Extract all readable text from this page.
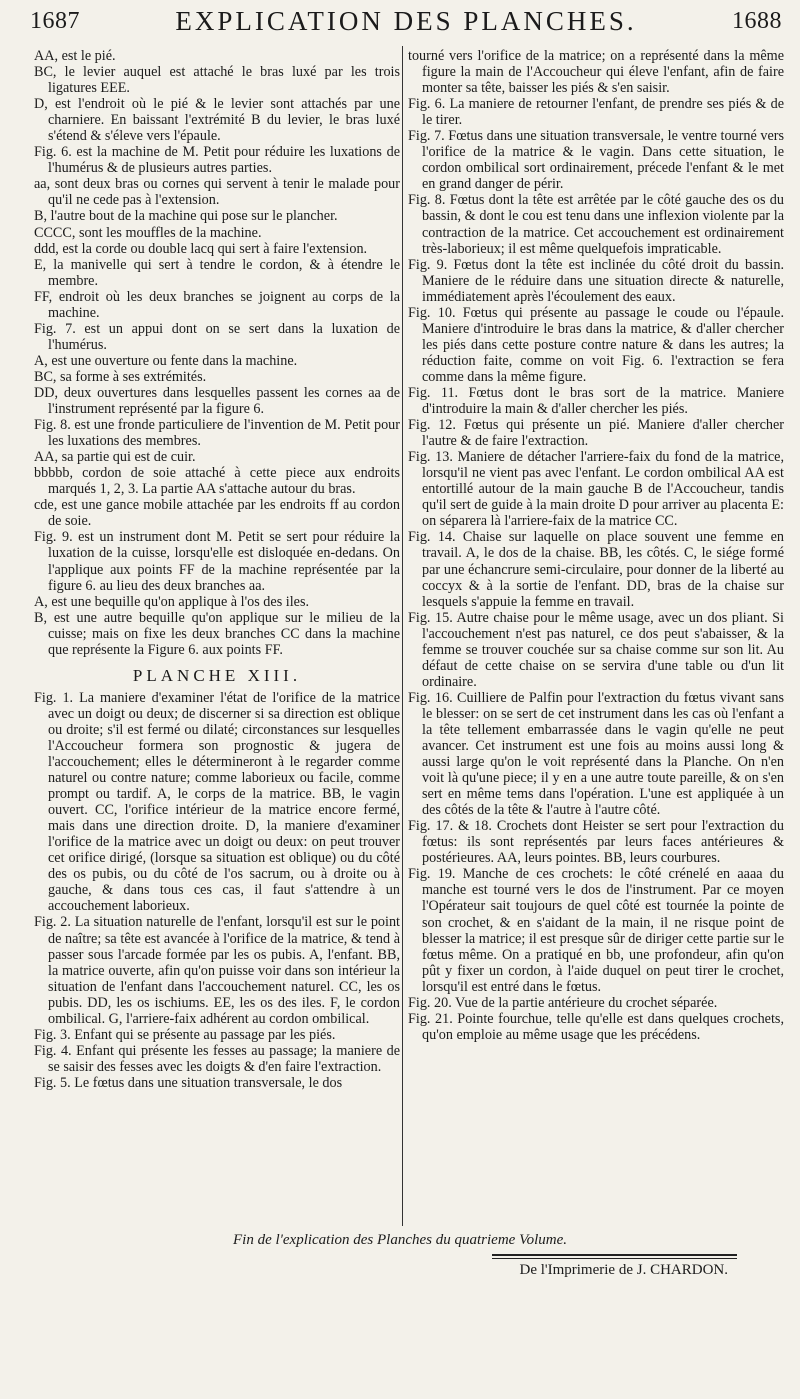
1687	EXPLICATION DES PLANCHES.	1688

AA, est le pié.

BC, le levier auquel est attaché le bras luxé par les trois ligatures EEE.

D, est l'endroit où le pié & le levier sont attachés par une charniere. En baissant l'extrémité B du levier, le bras luxé s'étend & s'éleve vers l'épaule.

Fig. 6. est la machine de M. Petit pour réduire les luxations de l'humérus & de plusieurs autres parties.

aa, sont deux bras ou cornes qui servent à tenir le malade pour qu'il ne cede pas à l'extension.

B, l'autre bout de la machine qui pose sur le plancher.

CCCC, sont les mouffles de la machine.

ddd, est la corde ou double lacq qui sert à faire l'extension.

E, la manivelle qui sert à tendre le cordon, & à étendre le membre.

FF, endroit où les deux branches se joignent au corps de la machine.

Fig. 7. est un appui dont on se sert dans la luxation de l'humérus.

A, est une ouverture ou fente dans la machine.

BC, sa forme à ses extrémités.

DD, deux ouvertures dans lesquelles passent les cornes aa de l'instrument représenté par la figure 6.

Fig. 8. est une fronde particuliere de l'invention de M. Petit pour les luxations des membres.

AA, sa partie qui est de cuir.

bbbbb, cordon de soie attaché à cette piece aux endroits marqués 1, 2, 3. La partie AA s'attache autour du bras.

cde, est une gance mobile attachée par les endroits ff au cordon de soie.

Fig. 9. est un instrument dont M. Petit se sert pour réduire la luxation de la cuisse, lorsqu'elle est disloquée en-dedans. On l'applique aux points FF de la machine représentée par la figure 6. au lieu des deux branches aa.

A, est une bequille qu'on applique à l'os des iles.

B, est une autre bequille qu'on applique sur le milieu de la cuisse; mais on fixe les deux branches CC dans la machine que représente la Figure 6. aux points FF.

PLANCHE XIII.

Fig. 1. La maniere d'examiner l'état de l'orifice de la matrice avec un doigt ou deux; de discerner si sa direction est oblique ou droite; s'il est fermé ou dilaté; circonstances sur lesquelles l'Accoucheur formera son prognostic & jugera de l'accouchement; elles le détermineront à le regarder comme naturel ou contre nature; comme laborieux ou facile, comme prompt ou tardif. A, le corps de la matrice. BB, le vagin ouvert. CC, l'orifice intérieur de la matrice encore fermé, mais dans une direction droite. D, la maniere d'examiner l'orifice de la matrice avec un doigt ou deux: on peut trouver cet orifice dirigé, (lorsque sa situation est oblique) ou du côté des os pubis, ou du côté de l'os sacrum, ou à droite ou à gauche, & dans tous ces cas, il faut s'attendre à un accouchement laborieux.

Fig. 2. La situation naturelle de l'enfant, lorsqu'il est sur le point de naître; sa tête est avancée à l'orifice de la matrice, & tend à passer sous l'arcade formée par les os pubis. A, l'enfant. BB, la matrice ouverte, afin qu'on puisse voir dans son intérieur la situation de l'enfant dans l'accouchement naturel. CC, les os pubis. DD, les os ischiums. EE, les os des iles. F, le cordon ombilical. G, l'arriere-faix adhérent au cordon ombilical.

Fig. 3. Enfant qui se présente au passage par les piés.

Fig. 4. Enfant qui présente les fesses au passage; la maniere de se saisir des fesses avec les doigts & d'en faire l'extraction.

Fig. 5. Le fœtus dans une situation transversale, le dos

tourné vers l'orifice de la matrice; on a représenté dans la même figure la main de l'Accoucheur qui éleve l'enfant, afin de faire monter sa tête, baisser les piés & s'en saisir.

Fig. 6. La maniere de retourner l'enfant, de prendre ses piés & de le tirer.

Fig. 7. Fœtus dans une situation transversale, le ventre tourné vers l'orifice de la matrice & le vagin. Dans cette situation, le cordon ombilical sort ordinairement, précede l'enfant & le met en grand danger de périr.

Fig. 8. Fœtus dont la tête est arrêtée par le côté gauche des os du bassin, & dont le cou est tenu dans une inflexion violente par la contraction de la matrice. Cet accouchement est ordinairement très-laborieux; il est même quelquefois impraticable.

Fig. 9. Fœtus dont la tête est inclinée du côté droit du bassin. Maniere de le réduire dans une situation directe & naturelle, immédiatement après l'écoulement des eaux.

Fig. 10. Fœtus qui présente au passage le coude ou l'épaule. Maniere d'introduire le bras dans la matrice, & d'aller chercher les piés dans cette posture contre nature & dans les autres; la réduction faite, comme on voit Fig. 6. l'extraction se fera comme dans la même figure.

Fig. 11. Fœtus dont le bras sort de la matrice. Maniere d'introduire la main & d'aller chercher les piés.

Fig. 12. Fœtus qui présente un pié. Maniere d'aller chercher l'autre & de faire l'extraction.

Fig. 13. Maniere de détacher l'arriere-faix du fond de la matrice, lorsqu'il ne vient pas avec l'enfant. Le cordon ombilical AA est entortillé autour de la main gauche B de l'Accoucheur, tandis qu'il sert de guide à la main droite D pour arriver au placenta E: on séparera là l'arriere-faix de la matrice CC.

Fig. 14. Chaise sur laquelle on place souvent une femme en travail. A, le dos de la chaise. BB, les côtés. C, le siége formé par une échancrure semi-circulaire, pour donner de la liberté au coccyx & à la sortie de l'enfant. DD, bras de la chaise sur lesquels s'appuie la femme en travail.

Fig. 15. Autre chaise pour le même usage, avec un dos pliant. Si l'accouchement n'est pas naturel, ce dos peut s'abaisser, & la femme se trouver couchée sur sa chaise comme sur son lit. Au défaut de cette chaise on se servira d'une table ou d'un lit ordinaire.

Fig. 16. Cuilliere de Palfin pour l'extraction du fœtus vivant sans le blesser: on se sert de cet instrument dans les cas où l'enfant a la tête tellement embarrassée dans le vagin qu'elle ne peut avancer. Cet instrument est une fois au moins aussi long & aussi large qu'on le voit représenté dans la Planche. On n'en voit là qu'une piece; il y en a une autre toute pareille, & on s'en sert en même tems dans l'opération. L'une est appliquée à un des côtés de la tête & l'autre à l'autre côté.

Fig. 17. & 18. Crochets dont Heister se sert pour l'extraction du fœtus: ils sont représentés par leurs faces antérieures & postérieures. AA, leurs pointes. BB, leurs courbures.

Fig. 19. Manche de ces crochets: le côté crénelé en aaaa du manche est tourné vers le dos de l'instrument. Par ce moyen l'Opérateur sait toujours de quel côté est tournée la pointe de son crochet, & en s'aidant de la main, il ne risque point de blesser la matrice; il est presque sûr de diriger cette partie sur le fœtus même. On a pratiqué en bb, une profondeur, afin qu'on pût y fixer un cordon, à l'aide duquel on peut tirer le crochet, lorsqu'il est entré dans le fœtus.

Fig. 20. Vue de la partie antérieure du crochet séparée.

Fig. 21. Pointe fourchue, telle qu'elle est dans quelques crochets, qu'on emploie au même usage que les précédens.

Fin de l'explication des Planches du quatrieme Volume.
De l'Imprimerie de J. CHARDON.
